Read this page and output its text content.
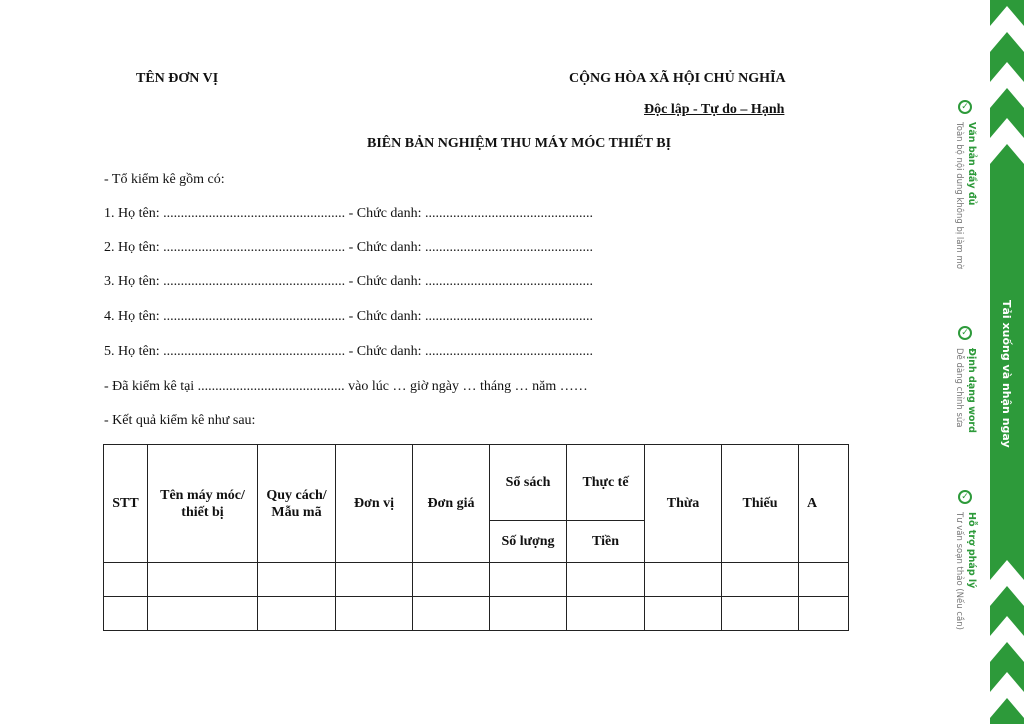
TÊN ĐƠN VỊ	CỘNG HÒA XÃ HỘI CHỦ NGHĨA
Độc lập - Tự do – Hạnh
BIÊN BẢN NGHIỆM THU MÁY MÓC THIẾT BỊ
- Tổ kiểm kê gồm có:
1. Họ tên: .................................................... - Chức danh: ................................................
2. Họ tên: .................................................... - Chức danh: ................................................
3. Họ tên: .................................................... - Chức danh: ................................................
4. Họ tên: .................................................... - Chức danh: ................................................
5. Họ tên: .................................................... - Chức danh: ................................................
- Đã kiểm kê tại .......................................... vào lúc … giờ ngày … tháng … năm ……
- Kết quả kiểm kê như sau:
STT	Tên máy móc/ thiết bị	Quy cách/ Mẫu mã	Đơn vị	Đơn giá	Sổ sách	Thực tế	Thừa	Thiếu	A
					Số lượng	Tiền			

✓
Văn bản đầy đủ
Toàn bộ nội dung không bị làm mờ
✓
Định dạng word
Dễ dàng chỉnh sửa
✓
Hỗ trợ pháp lý
Tư vấn soạn thảo (Nếu cần)
Tải xuống và nhận ngay
